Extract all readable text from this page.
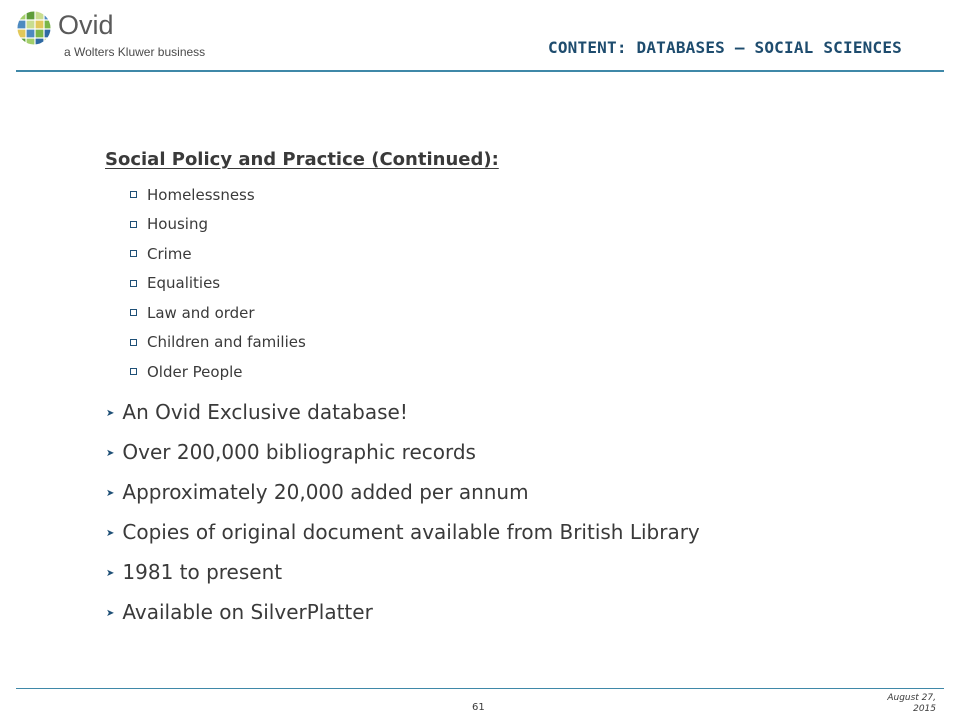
Ovid
a Wolters Kluwer business	CONTENT: DATABASES – SOCIAL SCIENCES
Social Policy and Practice (Continued):
Homelessness
Housing
Crime
Equalities
Law and order
Children and families
Older People
➤ An Ovid Exclusive database!
➤ Over 200,000 bibliographic records
➤ Approximately 20,000 added per annum
➤ Copies of original document available from British Library
➤ 1981 to present
➤ Available on SilverPlatter
61
August 27,
2015
